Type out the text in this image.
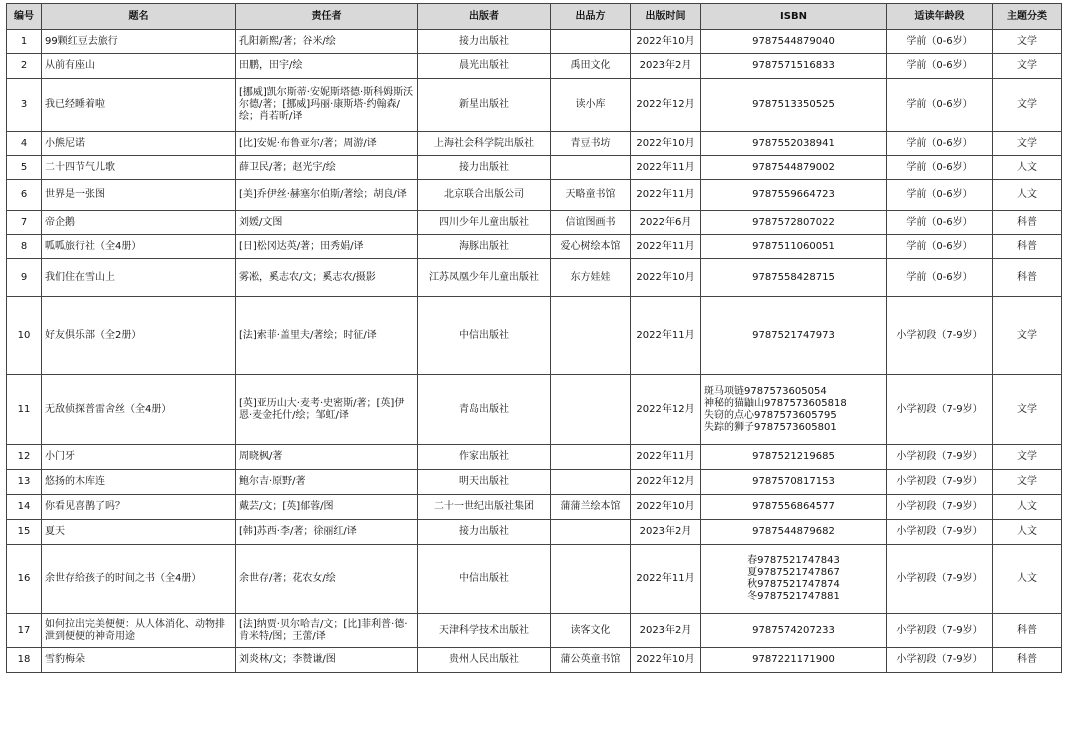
编号	题名	责任者	出版者	出品方	出版时间	ISBN	适读年龄段	主题分类
1	99颗红豆去旅行	孔阳新熙/著；谷米/绘	接力出版社		2022年10月	9787544879040	学前（0-6岁）	文学
2	从前有座山	田鹏，田宇/绘	晨光出版社	禹田文化	2023年2月	9787571516833	学前（0-6岁）	文学
3	我已经睡着啦	[挪威]凯尔斯蒂·安妮斯塔德·斯科姆斯沃尔德/著；[挪威]玛丽·康斯塔·约翰森/绘；肖若昕/译	新星出版社	读小库	2022年12月	9787513350525	学前（0-6岁）	文学
4	小熊尼诺	[比]安妮·布鲁亚尔/著；周游/译	上海社会科学院出版社	青豆书坊	2022年10月	9787552038941	学前（0-6岁）	文学
5	二十四节气儿歌	薛卫民/著；赵光宇/绘	接力出版社		2022年11月	9787544879002	学前（0-6岁）	人文
6	世界是一张图	[美]乔伊丝·赫塞尔伯斯/著绘；胡良/译	北京联合出版公司	天略童书馆	2022年11月	9787559664723	学前（0-6岁）	人文
7	帝企鹅	刘媛/文图	四川少年儿童出版社	信谊图画书	2022年6月	9787572807022	学前（0-6岁）	科普
8	呱呱旅行社（全4册）	[日]松冈达英/著；田秀娟/译	海豚出版社	爱心树绘本馆	2022年11月	9787511060051	学前（0-6岁）	科普
9	我们住在雪山上	雾凇，奚志农/文；奚志农/摄影	江苏凤凰少年儿童出版社	东方娃娃	2022年10月	9787558428715	学前（0-6岁）	科普
10	好友俱乐部（全2册）	[法]索菲·盖里夫/著绘；时征/译	中信出版社		2022年11月	9787521747973	小学初段（7-9岁）	文学
11	无敌侦探普雷舍丝（全4册）	[英]亚历山大·麦考·史密斯/著；[英]伊恩·麦金托什/绘；邹虹/译	青岛出版社		2022年12月	斑马项链9787573605054
神秘的猫鼬山9787573605818
失窃的点心9787573605795
失踪的狮子9787573605801	小学初段（7-9岁）	文学
12	小门牙	周晓枫/著	作家出版社		2022年11月	9787521219685	小学初段（7-9岁）	文学
13	悠扬的木库连	鲍尔吉·原野/著	明天出版社		2022年12月	9787570817153	小学初段（7-9岁）	文学
14	你看见喜鹊了吗？	戴芸/文；[英]郁蓉/图	二十一世纪出版社集团	蒲蒲兰绘本馆	2022年10月	9787556864577	小学初段（7-9岁）	人文
15	夏天	[韩]苏西·李/著；徐丽红/译	接力出版社		2023年2月	9787544879682	小学初段（7-9岁）	人文
16	余世存给孩子的时间之书（全4册）	余世存/著；花农女/绘	中信出版社		2022年11月	春9787521747843
夏9787521747867
秋9787521747874
冬9787521747881	小学初段（7-9岁）	人文
17	如何拉出完美便便：从人体消化、动物排泄到便便的神奇用途	[法]纳贾·贝尔哈吉/文；[比]菲利普·德·肯米特/图；王蕾/译	天津科学技术出版社	读客文化	2023年2月	9787574207233	小学初段（7-9岁）	科普
18	雪豹梅朵	刘炎林/文；李赞谦/图	贵州人民出版社	蒲公英童书馆	2022年10月	9787221171900	小学初段（7-9岁）	科普
